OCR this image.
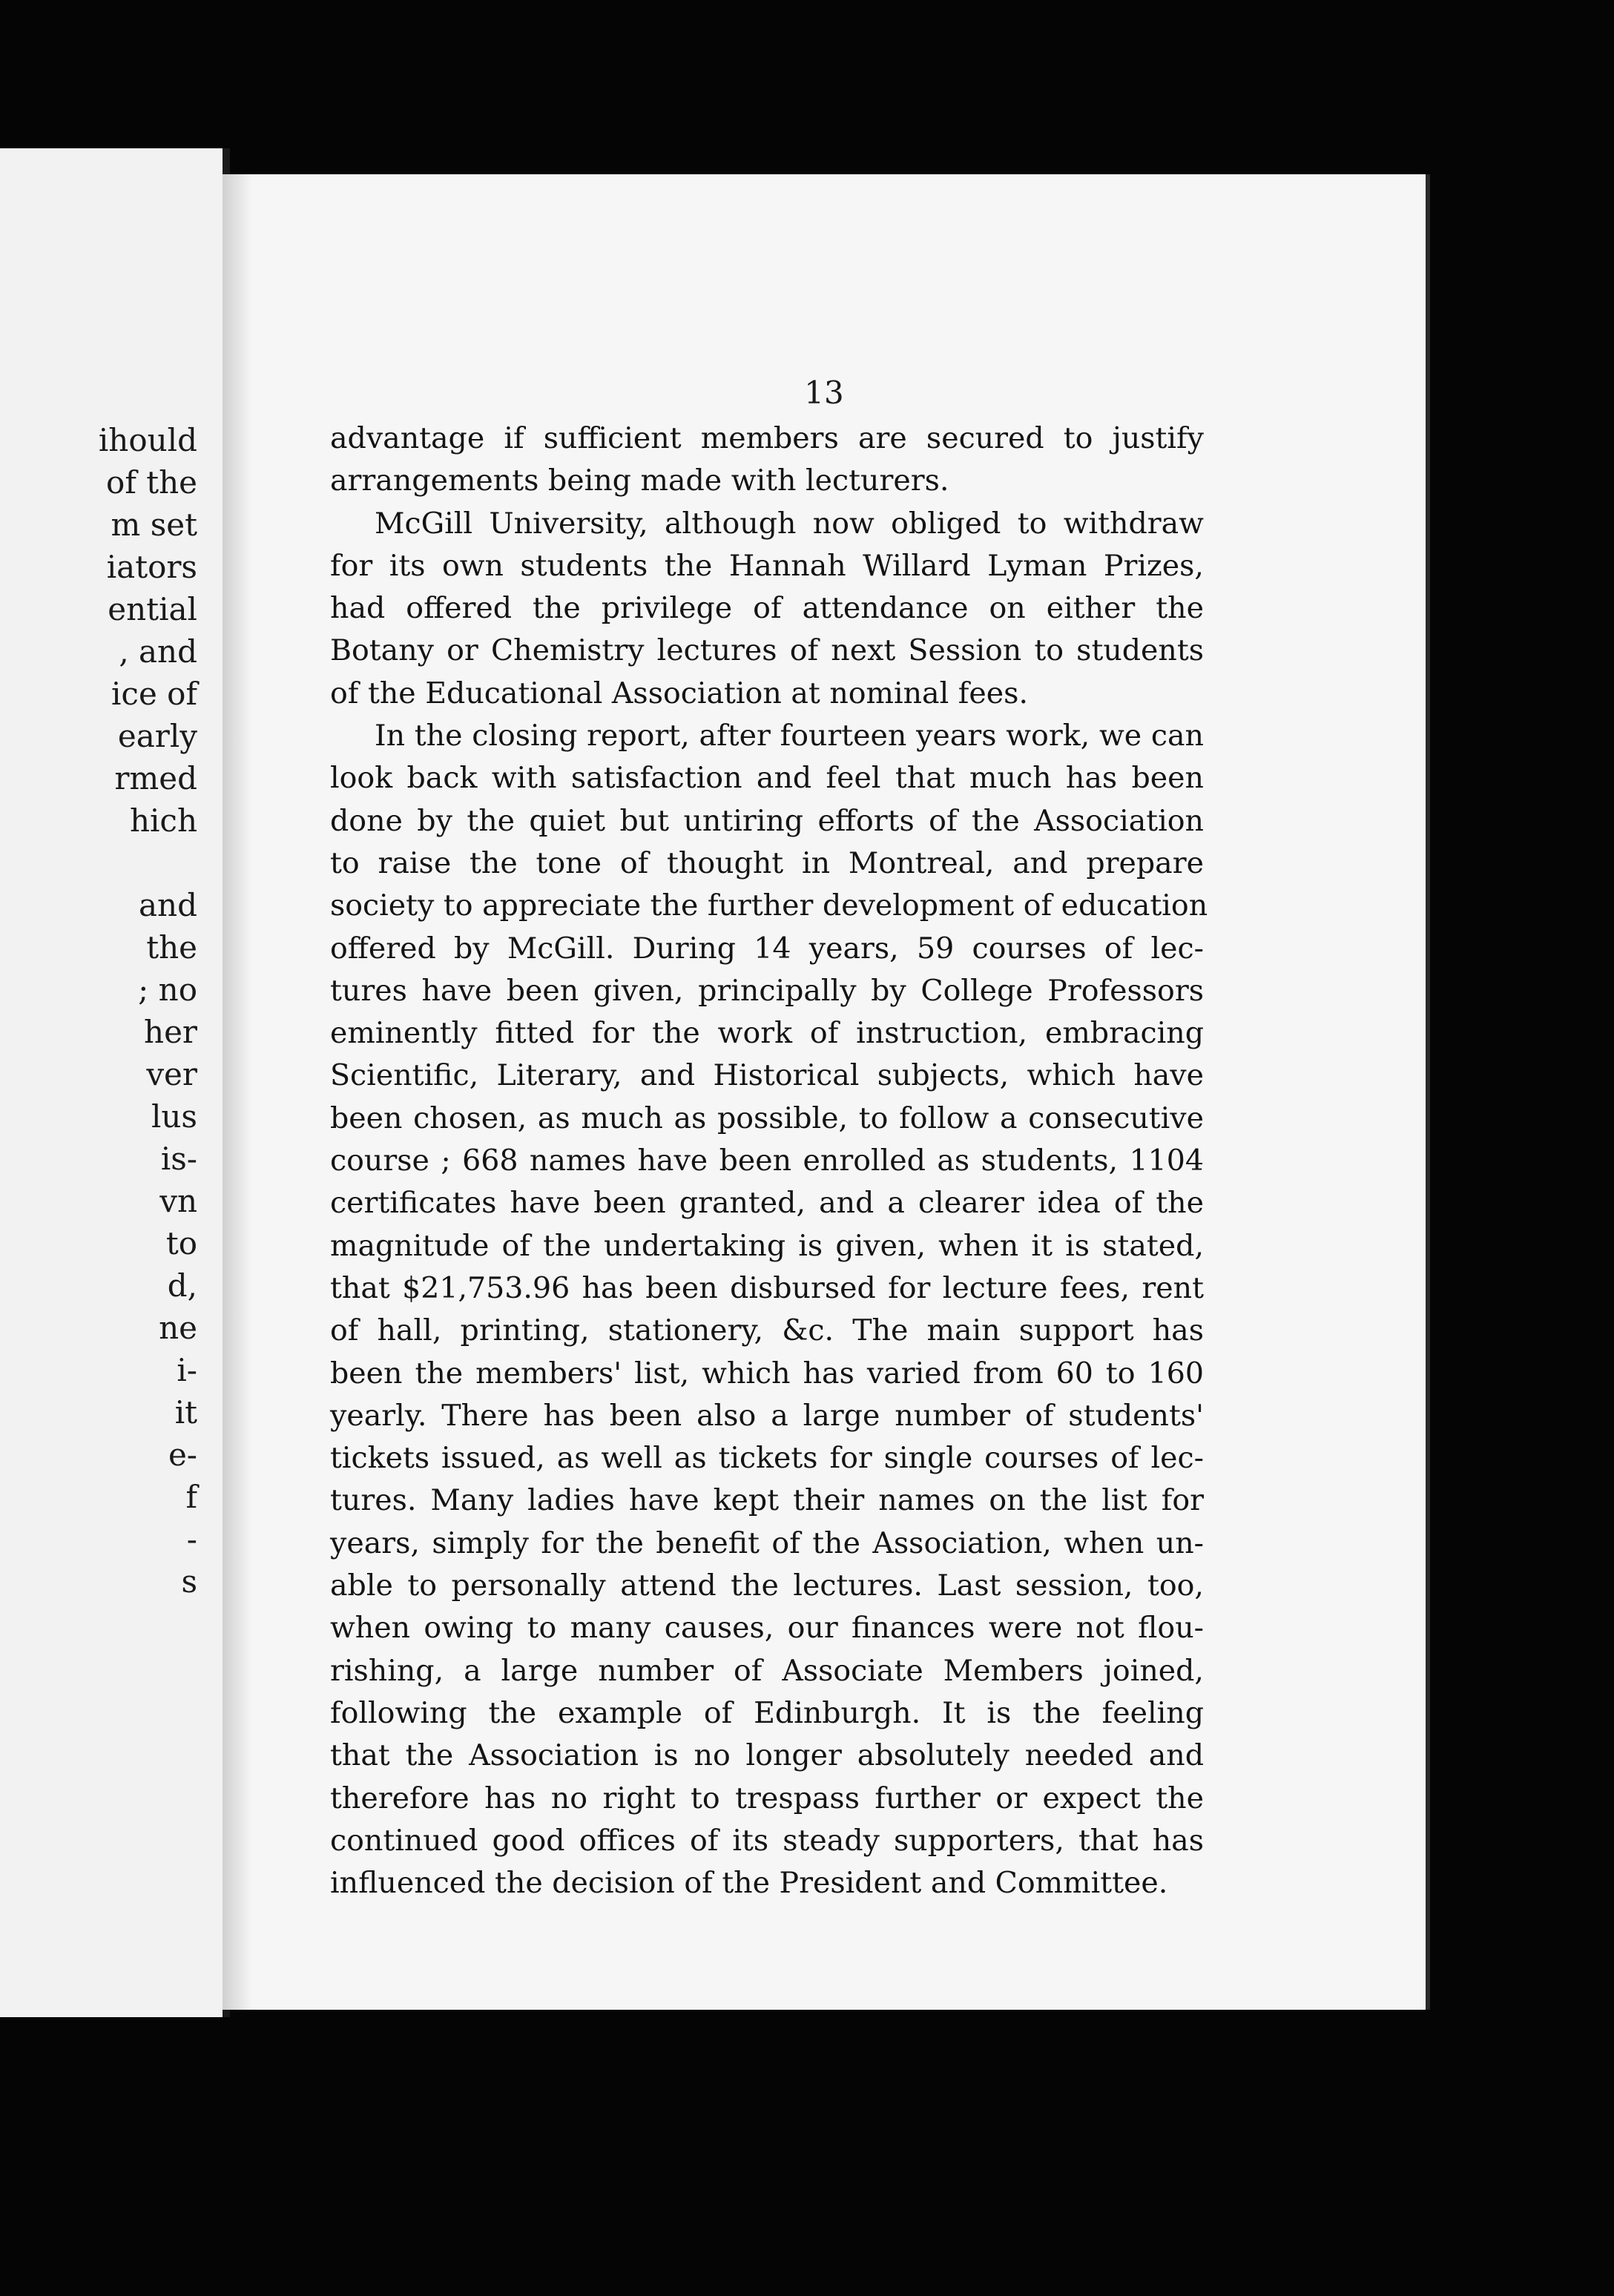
ihould
of the
m set
iators
ential
, and
ice of
early
rmed
hich
and
the
; no
her
ver
lus
is-
vn
to
d,
ne
i-
it
e-
f
-
s
13
advantage if sufficient members are secured to justify
arrangements being made with lecturers.
McGill University, although now obliged to withdraw
for its own students the Hannah Willard Lyman Prizes,
had offered the privilege of attendance on either the
Botany or Chemistry lectures of next Session to students
of the Educational Association at nominal fees.
In the closing report, after fourteen years work, we can
look back with satisfaction and feel that much has been
done by the quiet but untiring efforts of the Association
to raise the tone of thought in Montreal, and prepare
society to appreciate the further development of education
offered by McGill. During 14 years, 59 courses of lec-
tures have been given, principally by College Professors
eminently fitted for the work of instruction, embracing
Scientific, Literary, and Historical subjects, which have
been chosen, as much as possible, to follow a consecutive
course ; 668 names have been enrolled as students, 1104
certificates have been granted, and a clearer idea of the
magnitude of the undertaking is given, when it is stated,
that $21,753.96 has been disbursed for lecture fees, rent
of hall, printing, stationery, &c. The main support has
been the members' list, which has varied from 60 to 160
yearly. There has been also a large number of students'
tickets issued, as well as tickets for single courses of lec-
tures. Many ladies have kept their names on the list for
years, simply for the benefit of the Association, when un-
able to personally attend the lectures. Last session, too,
when owing to many causes, our finances were not flou-
rishing, a large number of Associate Members joined,
following the example of Edinburgh. It is the feeling
that the Association is no longer absolutely needed and
therefore has no right to trespass further or expect the
continued good offices of its steady supporters, that has
influenced the decision of the President and Committee.
